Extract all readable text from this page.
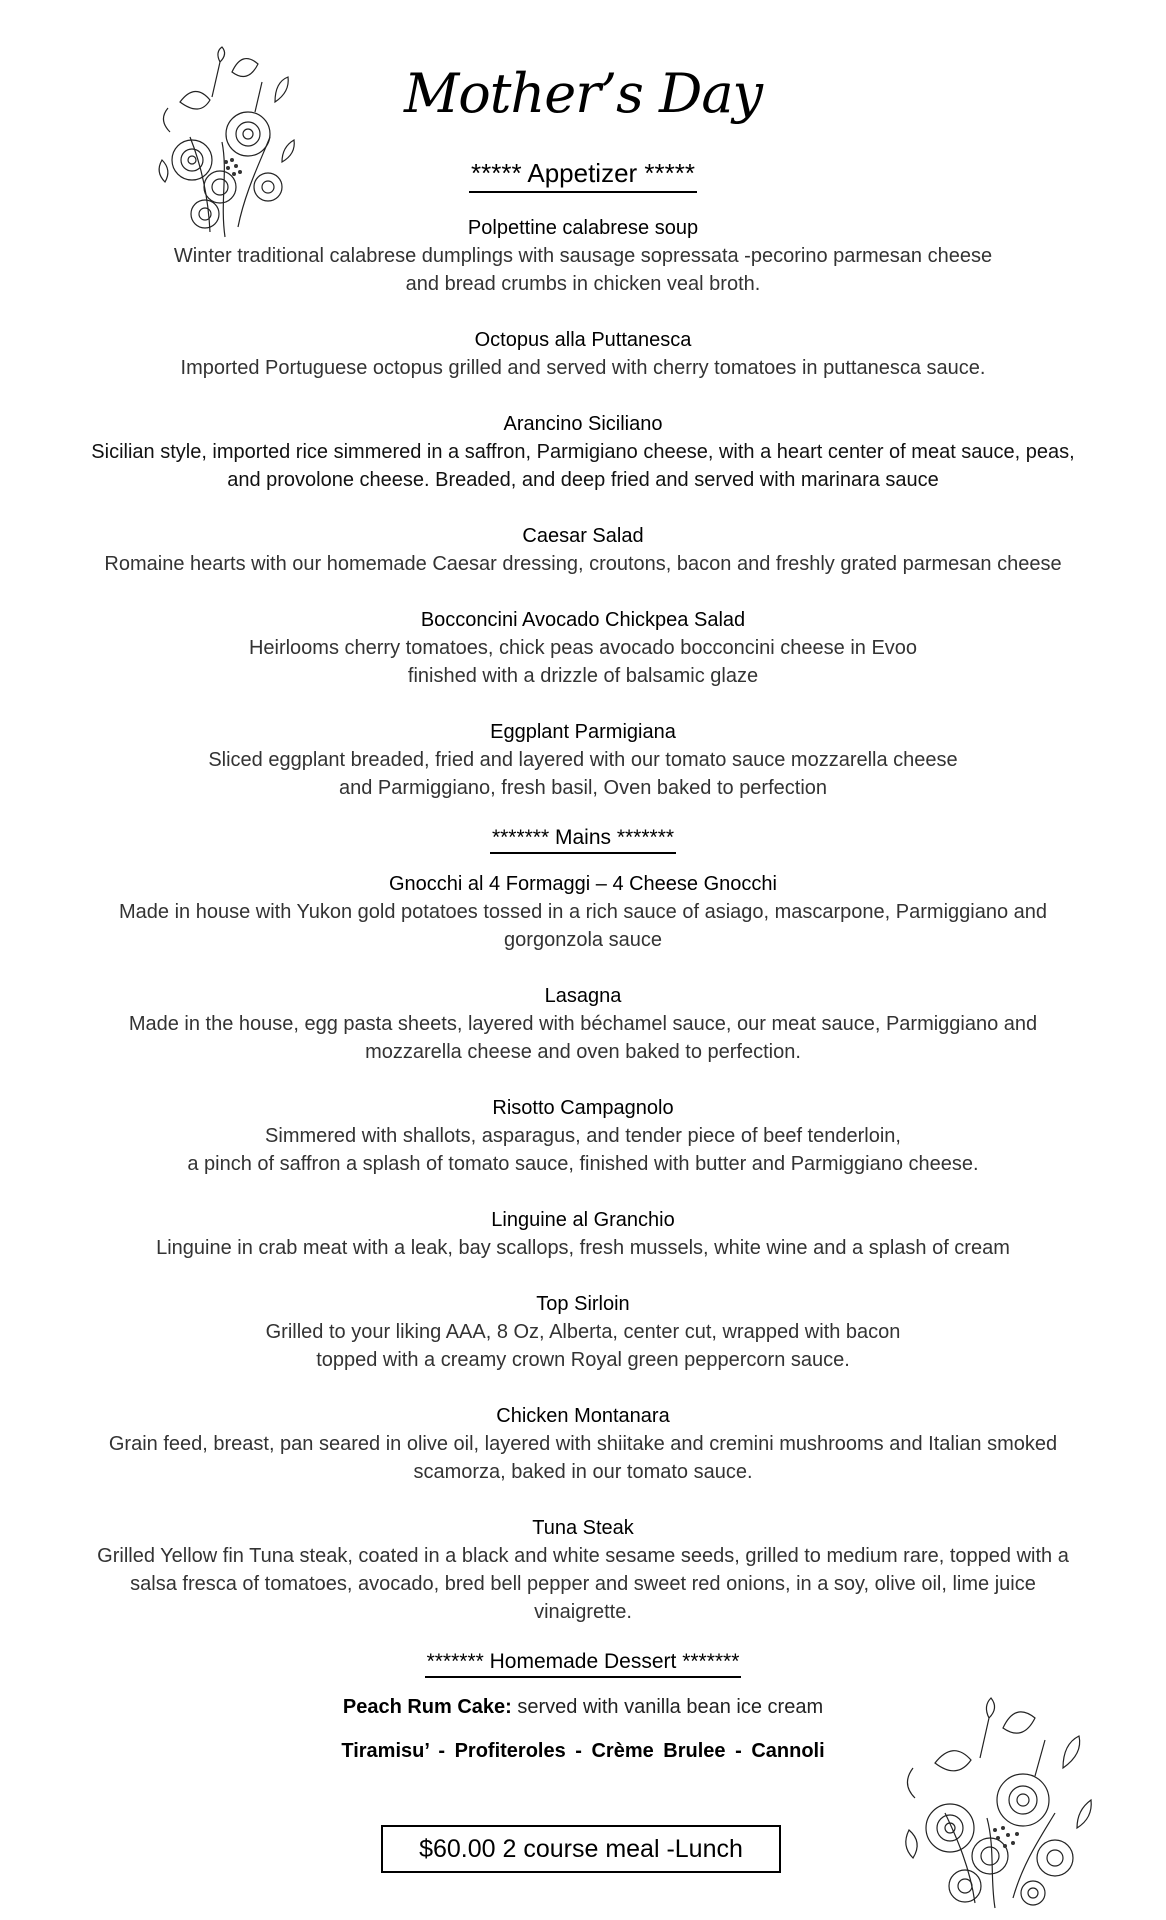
Mother’s Day
***** Appetizer *****
Polpettine calabrese soup
Winter traditional calabrese dumplings with sausage sopressata -pecorino parmesan cheese
and bread crumbs in chicken veal broth.
Octopus alla Puttanesca
Imported Portuguese octopus grilled and served with cherry tomatoes in puttanesca sauce.
Arancino Siciliano
Sicilian style, imported rice simmered in a saffron, Parmigiano cheese, with a heart center of meat sauce, peas,
and provolone cheese. Breaded, and deep fried and served with marinara sauce
Caesar Salad
Romaine hearts with our homemade Caesar dressing, croutons, bacon and freshly grated parmesan cheese
Bocconcini Avocado Chickpea Salad
Heirlooms cherry tomatoes, chick peas avocado bocconcini cheese in Evoo
finished with a drizzle of balsamic glaze
Eggplant Parmigiana
Sliced eggplant breaded, fried and layered with our tomato sauce mozzarella cheese
and Parmiggiano, fresh basil, Oven baked to perfection
******* Mains *******
Gnocchi al 4 Formaggi – 4 Cheese Gnocchi
Made in house with Yukon gold potatoes tossed in a rich sauce of asiago, mascarpone, Parmiggiano and
gorgonzola sauce
Lasagna
Made in the house, egg pasta sheets, layered with béchamel sauce, our meat sauce, Parmiggiano and
mozzarella cheese and oven baked to perfection.
Risotto Campagnolo
Simmered with shallots, asparagus, and tender piece of beef tenderloin,
a pinch of saffron a splash of tomato sauce, finished with butter and Parmiggiano cheese.
Linguine al Granchio
Linguine in crab meat with a leak, bay scallops, fresh mussels, white wine and a splash of cream
Top Sirloin
Grilled to your liking AAA, 8 Oz, Alberta, center cut, wrapped with bacon
topped with a creamy crown Royal green peppercorn sauce.
Chicken Montanara
Grain feed, breast, pan seared in olive oil, layered with shiitake and cremini mushrooms and Italian smoked
scamorza, baked in our tomato sauce.
Tuna Steak
Grilled Yellow fin Tuna steak, coated in a black and white sesame seeds, grilled to medium rare, topped with a
salsa fresca of tomatoes, avocado, bred bell pepper and sweet red onions, in a soy, olive oil, lime juice
vinaigrette.
******* Homemade Dessert *******
Peach Rum Cake: served with vanilla bean ice cream
Tiramisu’ - Profiteroles - Crème Brulee - Cannoli
$60.00 2 course meal -Lunch
